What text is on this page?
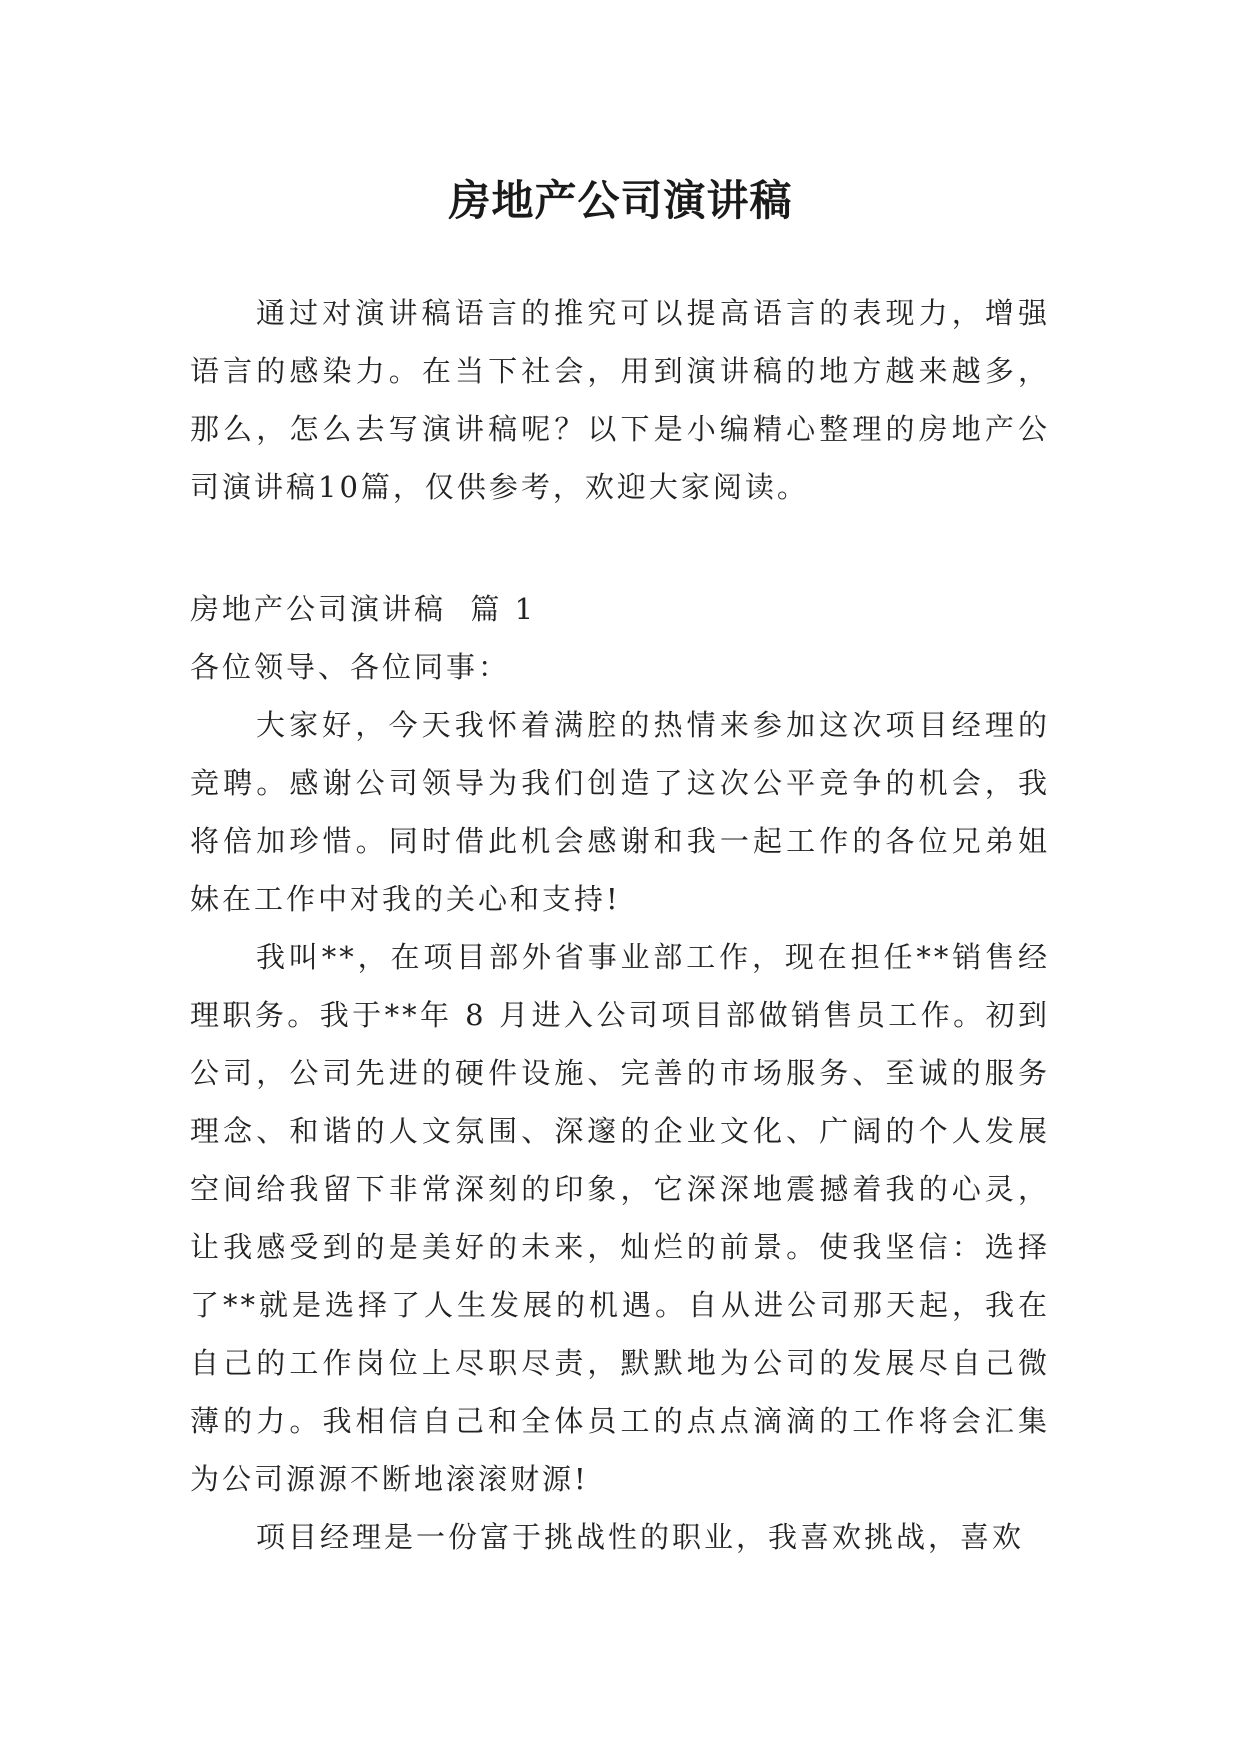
房地产公司演讲稿

通过对演讲稿语言的推究可以提高语言的表现力，增强语言的感染力。在当下社会，用到演讲稿的地方越来越多，那么，怎么去写演讲稿呢？以下是小编精心整理的房地产公司演讲稿10篇，仅供参考，欢迎大家阅读。

房地产公司演讲稿  篇 1

各位领导、各位同事：

大家好，今天我怀着满腔的热情来参加这次项目经理的竞聘。感谢公司领导为我们创造了这次公平竞争的机会，我将倍加珍惜。同时借此机会感谢和我一起工作的各位兄弟姐妹在工作中对我的关心和支持!

我叫**，在项目部外省事业部工作，现在担任**销售经理职务。我于**年 8 月进入公司项目部做销售员工作。初到公司，公司先进的硬件设施、完善的市场服务、至诚的服务理念、和谐的人文氛围、深邃的企业文化、广阔的个人发展空间给我留下非常深刻的印象，它深深地震撼着我的心灵，让我感受到的是美好的未来，灿烂的前景。使我坚信：选择了**就是选择了人生发展的机遇。自从进公司那天起，我在自己的工作岗位上尽职尽责，默默地为公司的发展尽自己微薄的力。我相信自己和全体员工的点点滴滴的工作将会汇集为公司源源不断地滚滚财源!

项目经理是一份富于挑战性的职业，我喜欢挑战，喜欢
